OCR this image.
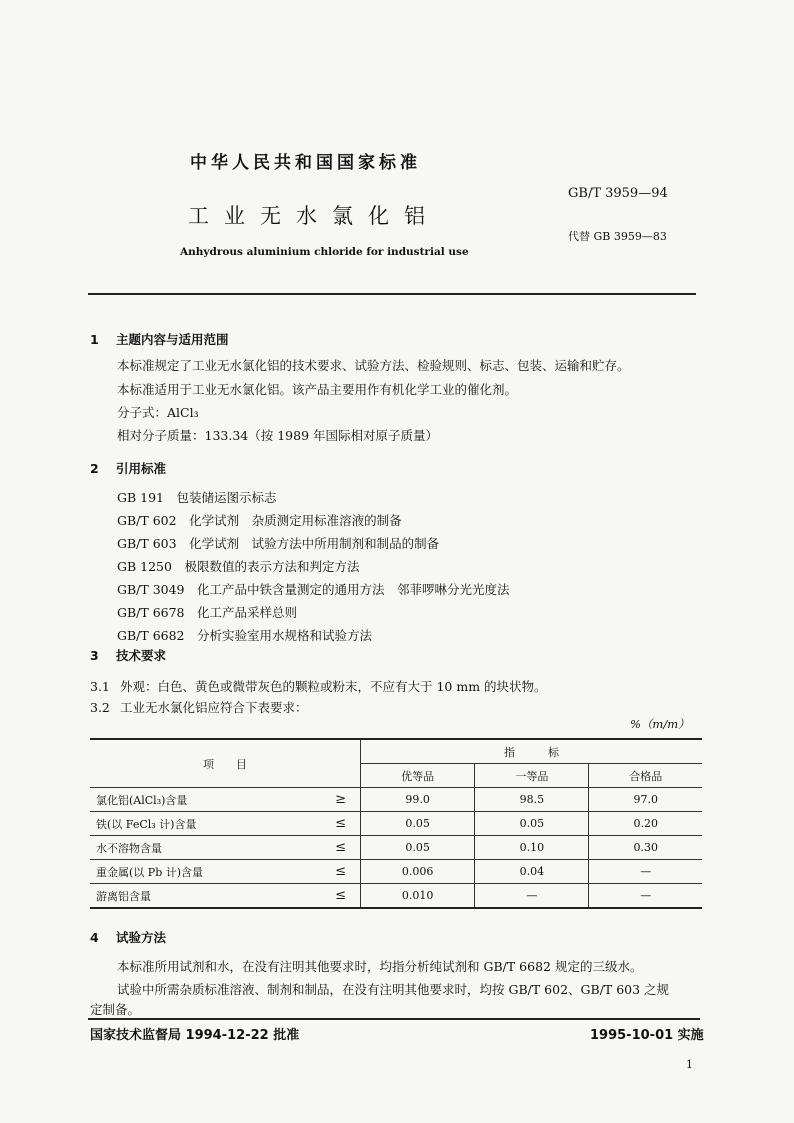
中华人民共和国国家标准
GB/T 3959—94
工业无水氯化铝
代替 GB 3959—83
Anhydrous aluminium chloride for industrial use
1 主题内容与适用范围
本标准规定了工业无水氯化铝的技术要求、试验方法、检验规则、标志、包装、运输和贮存。
本标准适用于工业无水氯化铝。该产品主要用作有机化学工业的催化剂。
分子式：AlCl₃
相对分子质量：133.34（按 1989 年国际相对原子质量）
2 引用标准
GB 191　 包装储运图示标志
GB/T 602　 化学试剂　杂质测定用标准溶液的制备
GB/T 603　 化学试剂　试验方法中所用制剂和制品的制备
GB 1250　 极限数值的表示方法和判定方法
GB/T 3049　 化工产品中铁含量测定的通用方法　邻菲啰啉分光光度法
GB/T 6678　 化工产品采样总则
GB/T 6682　 分析实验室用水规格和试验方法
3 技术要求
3.1 外观：白色、黄色或微带灰色的颗粒或粉末，不应有大于 10 mm 的块状物。
3.2 工业无水氯化铝应符合下表要求：
%（m/m）
项　　目		指　　　标		
		优等品	一等品	合格品
氯化铝(AlCl₃)含量	≥	99.0	98.5	97.0
铁(以 FeCl₃ 计)含量	≤	0.05	0.05	0.20
水不溶物含量	≤	0.05	0.10	0.30
重金属(以 Pb 计)含量	≤	0.006	0.04	—
游离铝含量	≤	0.010	—	—
4 试验方法
本标准所用试剂和水，在没有注明其他要求时，均指分析纯试剂和 GB/T 6682 规定的三级水。
试验中所需杂质标准溶液、制剂和制品，在没有注明其他要求时，均按 GB/T 602、GB/T 603 之规
定制备。
国家技术监督局 1994-12-22 批准	1995-10-01 实施
1
